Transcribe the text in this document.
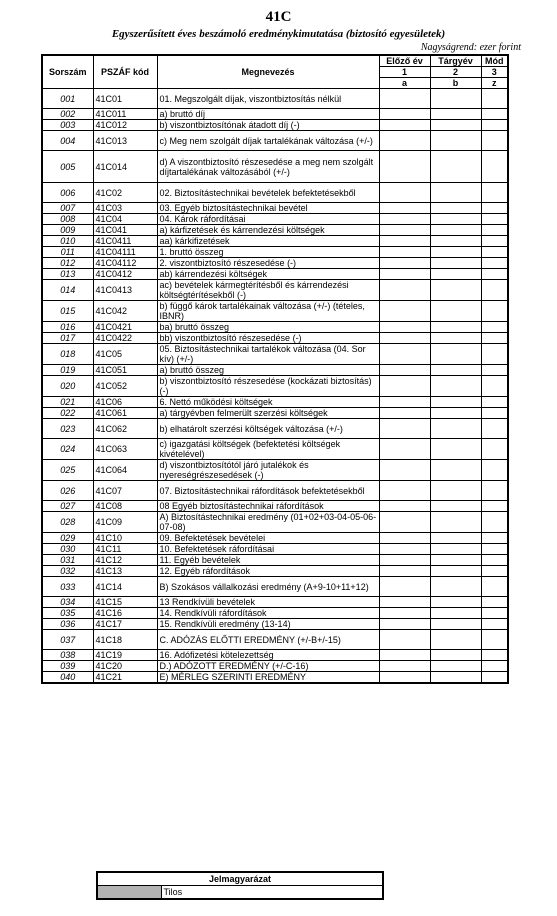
41C
Egyszerűsített éves beszámoló eredménykimutatása (biztosító egyesületek)
Nagyságrend: ezer forint
Sorszám	PSZÁF kód	Megnevezés	Előző év	Tárgyév	Mód
			1	2	3
			a	b	z
001	41C01	01. Megszolgált díjak, viszontbiztosítás nélkül			
002	41C011	a) bruttó díj			
003	41C012	b) viszontbiztosítónak átadott díj (-)			
004	41C013	c) Meg nem szolgált díjak tartalékának változása (+/-)			
005	41C014	d) A viszontbiztosító részesedése a meg nem szolgált díjtartalékának változásából (+/-)			
006	41C02	02. Biztosítástechnikai bevételek befektetésekből			
007	41C03	03. Egyéb biztosítástechnikai bevétel			
008	41C04	04. Károk ráfordításai			
009	41C041	a) kárfizetések és kárrendezési költségek			
010	41C0411	aa) kárkifizetések			
011	41C04111	1. bruttó összeg			
012	41C04112	2. viszontbiztosító részesedése (-)			
013	41C0412	ab) kárrendezési költségek			
014	41C0413	ac) bevételek kármegtérítésből és kárrendezési költségtérítésekből (-)			
015	41C042	b) függő károk tartalékainak változása (+/-) (tételes, IBNR)			
016	41C0421	ba) bruttó összeg			
017	41C0422	bb) viszontbiztosító részesedése (-)			
018	41C05	05. Biztosítástechnikai tartalékok változása (04. Sor kív) (+/-)			
019	41C051	a) bruttó összeg			
020	41C052	b) viszontbiztosító részesedése (kockázati biztosítás) (-)			
021	41C06	6. Nettó működési költségek			
022	41C061	a) tárgyévben felmerült szerzési költségek			
023	41C062	b) elhatárolt szerzési költségek változása (+/-)			
024	41C063	c) igazgatási költségek (befektetési költségek kivételével)			
025	41C064	d) viszontbiztosítótól járó jutalékok és nyereségrészesedések (-)			
026	41C07	07. Biztosítástechnikai ráfordítások befektetésekből			
027	41C08	08 Egyéb biztosítástechnikai ráfordítások			
028	41C09	A) Biztosítástechnikai eredmény (01+02+03-04-05-06-07-08)			
029	41C10	09. Befektetések bevételei			
030	41C11	10. Befektetések ráfordításai			
031	41C12	11. Egyéb bevételek			
032	41C13	12. Egyéb ráfordítások			
033	41C14	B) Szokásos vállalkozási eredmény (A+9-10+11+12)			
034	41C15	13 Rendkívüli bevételek			
035	41C16	14. Rendkívüli ráfordítások			
036	41C17	15. Rendkívüli eredmény (13-14)			
037	41C18	C. ADÓZÁS ELŐTTI EREDMÉNY (+/-B+/-15)			
038	41C19	16. Adófizetési kötelezettség			
039	41C20	D.) ADÓZOTT EREDMÉNY (+/-C-16)			
040	41C21	E) MÉRLEG SZERINTI EREDMÉNY			
Jelmagyarázat
	Tilos
